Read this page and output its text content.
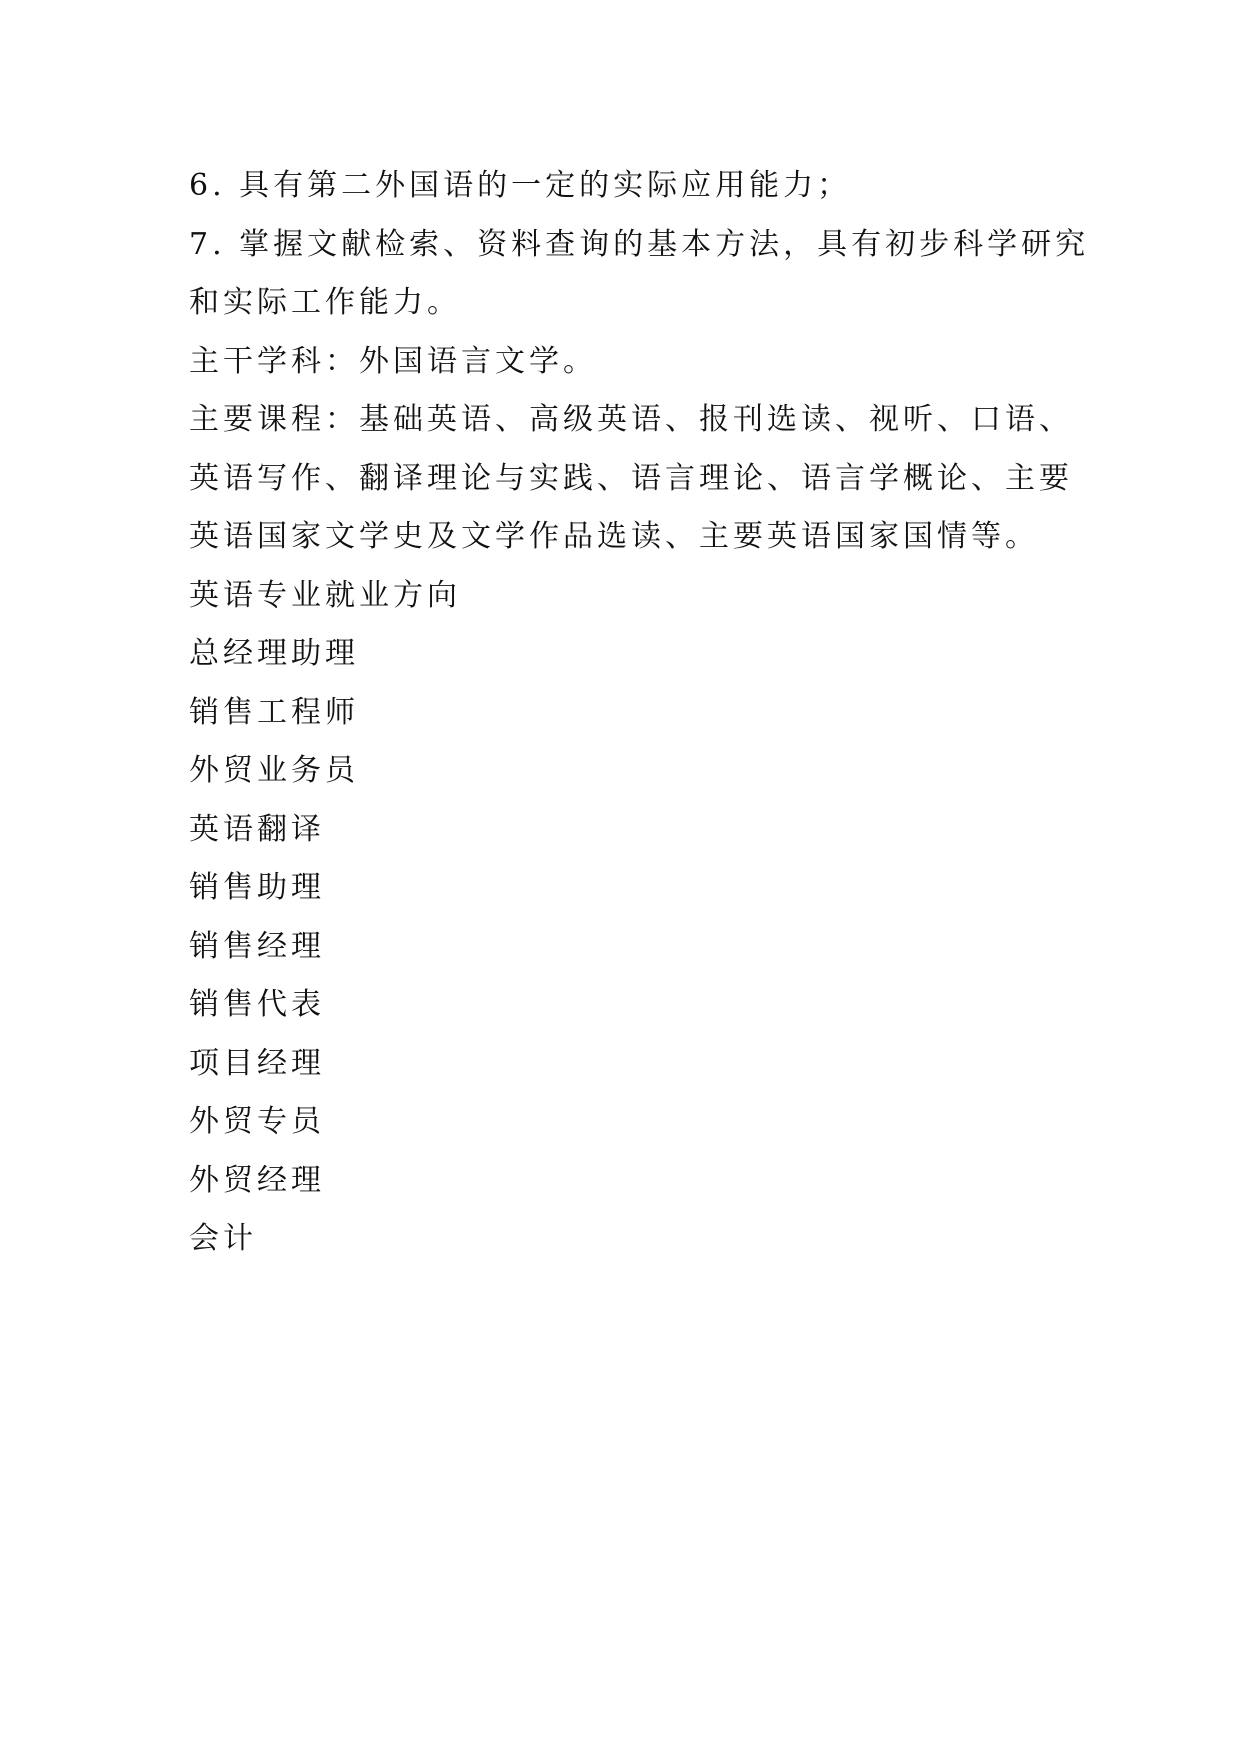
6. 具有第二外国语的一定的实际应用能力；
7. 掌握文献检索、资料查询的基本方法，具有初步科学研究
和实际工作能力。
主干学科：外国语言文学。
主要课程：基础英语、高级英语、报刊选读、视听、口语、
英语写作、翻译理论与实践、语言理论、语言学概论、主要
英语国家文学史及文学作品选读、主要英语国家国情等。
英语专业就业方向
总经理助理
销售工程师
外贸业务员
英语翻译
销售助理
销售经理
销售代表
项目经理
外贸专员
外贸经理
会计
